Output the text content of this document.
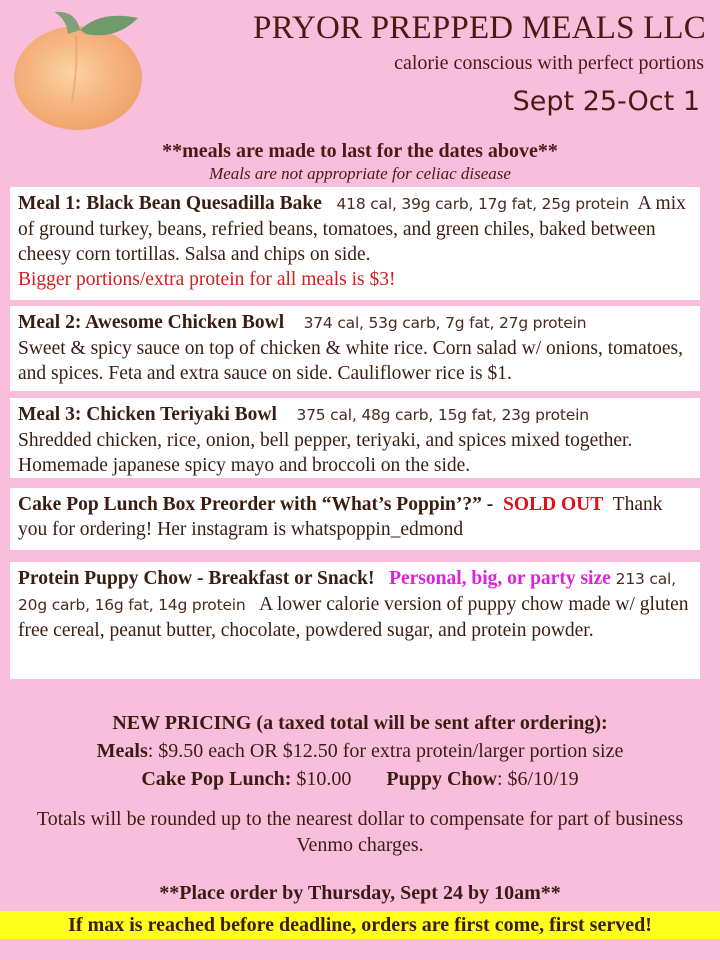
PRYOR PREPPED MEALS LLC
calorie conscious with perfect portions
Sept 25-Oct 1
**meals are made to last for the dates above**
Meals are not appropriate for celiac disease
Meal 1: Black Bean Quesadilla Bake 418 cal, 39g carb, 17g fat, 25g protein A mix of ground turkey, beans, refried beans, tomatoes, and green chiles, baked between cheesy corn tortillas. Salsa and chips on side.
Bigger portions/extra protein for all meals is $3!
Meal 2: Awesome Chicken Bowl 374 cal, 53g carb, 7g fat, 27g protein
Sweet & spicy sauce on top of chicken & white rice. Corn salad w/ onions, tomatoes, and spices. Feta and extra sauce on side. Cauliflower rice is $1.
Meal 3: Chicken Teriyaki Bowl 375 cal, 48g carb, 15g fat, 23g protein
Shredded chicken, rice, onion, bell pepper, teriyaki, and spices mixed together. Homemade japanese spicy mayo and broccoli on the side.
Cake Pop Lunch Box Preorder with “What’s Poppin’?” - SOLD OUT Thank you for ordering! Her instagram is whatspoppin_edmond
Protein Puppy Chow - Breakfast or Snack! Personal, big, or party size 213 cal, 20g carb, 16g fat, 14g protein A lower calorie version of puppy chow made w/ gluten free cereal, peanut butter, chocolate, powdered sugar, and protein powder.
NEW PRICING (a taxed total will be sent after ordering):
Meals: $9.50 each OR $12.50 for extra protein/larger portion size
Cake Pop Lunch: $10.00 Puppy Chow: $6/10/19
Totals will be rounded up to the nearest dollar to compensate for part of business Venmo charges.
**Place order by Thursday, Sept 24 by 10am**
If max is reached before deadline, orders are first come, first served!
